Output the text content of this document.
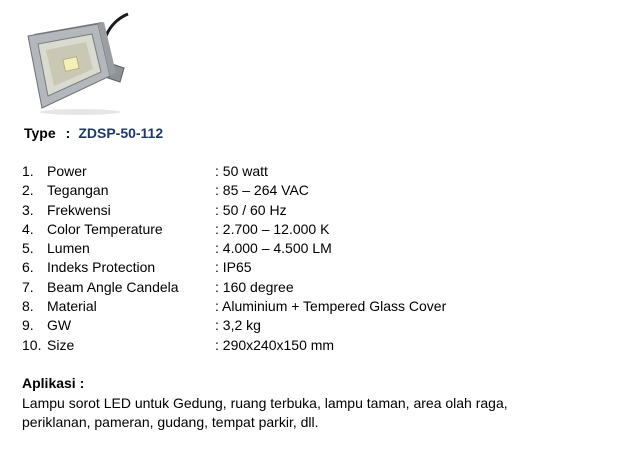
Type : ZDSP-50-112
1. Power	: 50 watt
2. Tegangan	: 85 – 264 VAC
3. Frekwensi	: 50 / 60 Hz
4. Color Temperature	: 2.700 – 12.000 K
5. Lumen	: 4.000 – 4.500 LM
6. Indeks Protection	: IP65
7. Beam Angle Candela	: 160 degree
8. Material	: Aluminium + Tempered Glass Cover
9. GW	: 3,2 kg
10. Size	: 290x240x150 mm
Aplikasi :
Lampu sorot LED untuk Gedung, ruang terbuka, lampu taman, area olah raga,
periklanan, pameran, gudang, tempat parkir, dll.
